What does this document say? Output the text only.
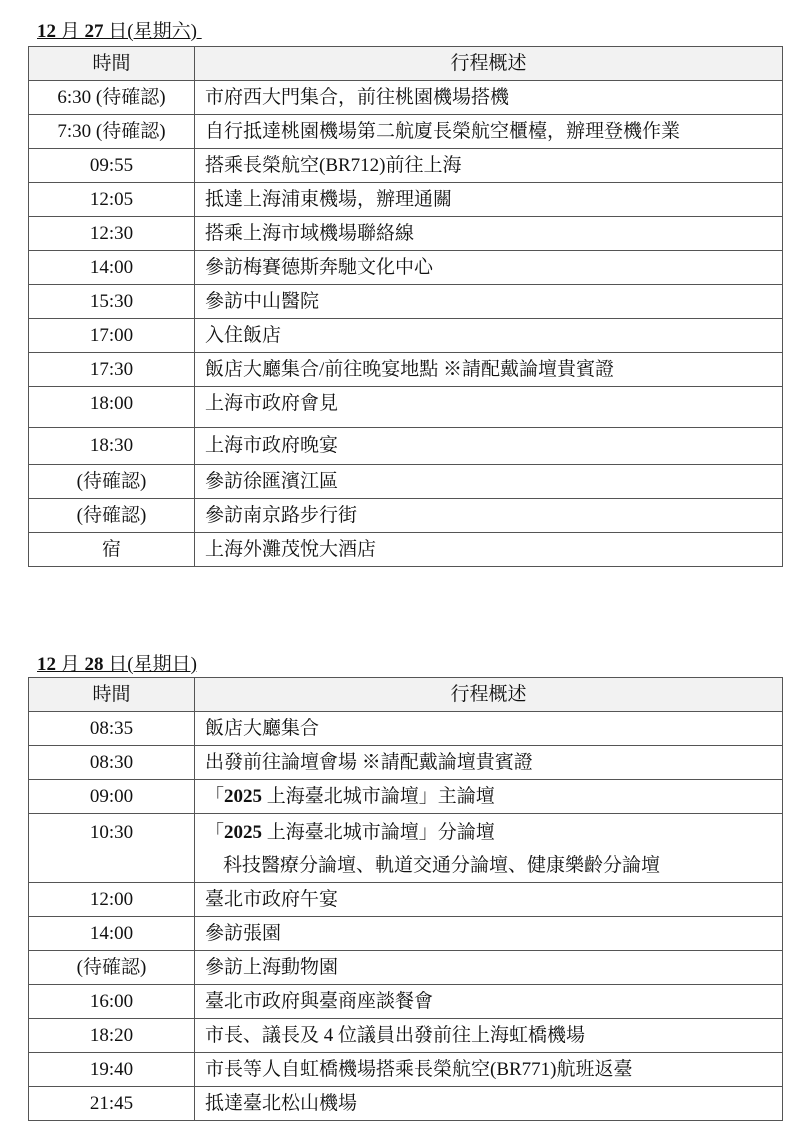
12 月 27 日(星期六)
時間	行程概述
6:30 (待確認)	市府西大門集合，前往桃園機場搭機
7:30 (待確認)	自行抵達桃園機場第二航廈長榮航空櫃檯，辦理登機作業
09:55	搭乘長榮航空(BR712)前往上海
12:05	抵達上海浦東機場，辦理通關
12:30	搭乘上海市域機場聯絡線
14:00	參訪梅賽德斯奔馳文化中心
15:30	參訪中山醫院
17:00	入住飯店
17:30	飯店大廳集合/前往晚宴地點 ※請配戴論壇貴賓證
18:00	上海市政府會見
18:30	上海市政府晚宴
(待確認)	參訪徐匯濱江區
(待確認)	參訪南京路步行街
宿	上海外灘茂悅大酒店
12 月 28 日(星期日)
時間	行程概述
08:35	飯店大廳集合
08:30	出發前往論壇會場 ※請配戴論壇貴賓證
09:00	「2025 上海臺北城市論壇」主論壇
10:30	「2025 上海臺北城市論壇」分論壇
科技醫療分論壇、軌道交通分論壇、健康樂齡分論壇

12:00	臺北市政府午宴
14:00	參訪張園
(待確認)	參訪上海動物園
16:00	臺北市政府與臺商座談餐會
18:20	市長、議長及 4 位議員出發前往上海虹橋機場
19:40	市長等人自虹橋機場搭乘長榮航空(BR771)航班返臺
21:45	抵達臺北松山機場
